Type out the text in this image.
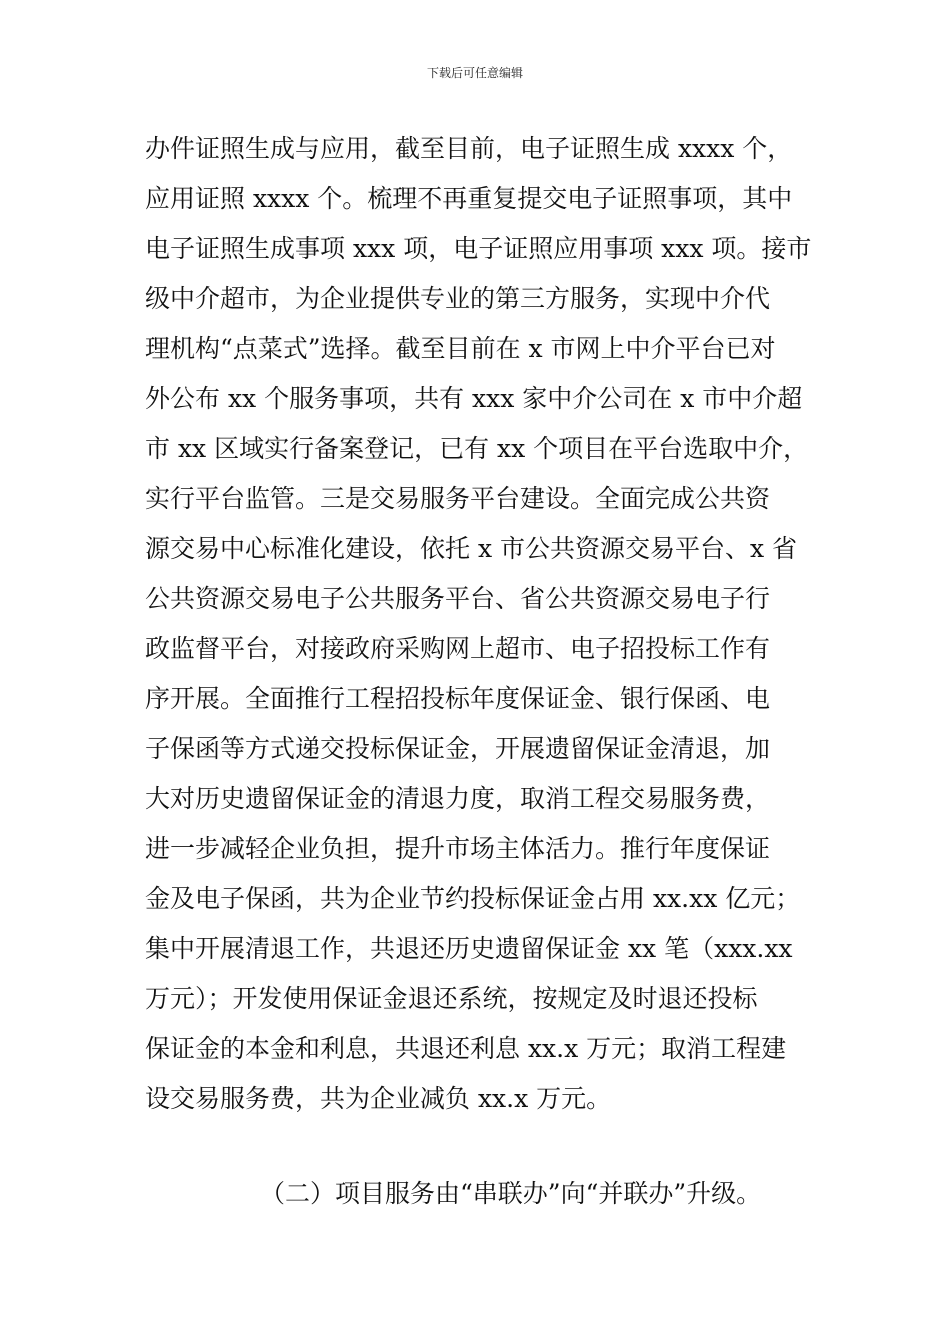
下载后可任意编辑
办件证照生成与应用，截至目前，电子证照生成 xxxx 个，
应用证照 xxxx 个。梳理不再重复提交电子证照事项，其中
电子证照生成事项 xxx 项，电子证照应用事项 xxx 项。接市
级中介超市，为企业提供专业的第三方服务，实现中介代
理机构“点菜式”选择。截至目前在 x 市网上中介平台已对
外公布 xx 个服务事项，共有 xxx 家中介公司在 x 市中介超
市 xx 区域实行备案登记，已有 xx 个项目在平台选取中介，
实行平台监管。三是交易服务平台建设。全面完成公共资
源交易中心标准化建设，依托 x 市公共资源交易平台、x 省
公共资源交易电子公共服务平台、省公共资源交易电子行
政监督平台，对接政府采购网上超市、电子招投标工作有
序开展。全面推行工程招投标年度保证金、银行保函、电
子保函等方式递交投标保证金，开展遗留保证金清退，加
大对历史遗留保证金的清退力度，取消工程交易服务费，
进一步减轻企业负担，提升市场主体活力。推行年度保证
金及电子保函，共为企业节约投标保证金占用 xx.xx 亿元；
集中开展清退工作，共退还历史遗留保证金 xx 笔（xxx.xx
万元）；开发使用保证金退还系统，按规定及时退还投标
保证金的本金和利息，共退还利息 xx.x 万元；取消工程建
设交易服务费，共为企业减负 xx.x 万元。
（二）项目服务由“串联办”向“并联办”升级。
